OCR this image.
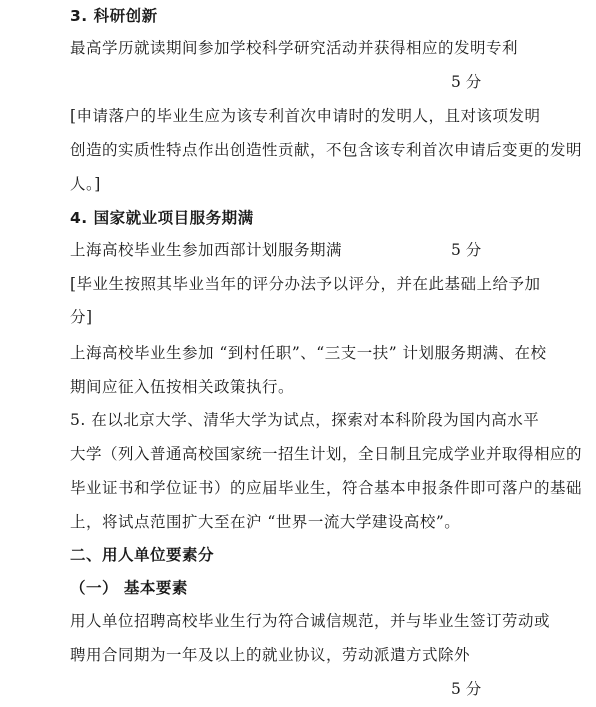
3. 科研创新
最高学历就读期间参加学校科学研究活动并获得相应的发明专利
5 分
[申请落户的毕业生应为该专利首次申请时的发明人，且对该项发明
创造的实质性特点作出创造性贡献，不包含该专利首次申请后变更的发明
人。]
4. 国家就业项目服务期满
上海高校毕业生参加西部计划服务期满	5 分
[毕业生按照其毕业当年的评分办法予以评分，并在此基础上给予加
分]
上海高校毕业生参加 “到村任职”、“三支一扶” 计划服务期满、在校
期间应征入伍按相关政策执行。
5. 在以北京大学、清华大学为试点，探索对本科阶段为国内高水平
大学（列入普通高校国家统一招生计划，全日制且完成学业并取得相应的
毕业证书和学位证书）的应届毕业生，符合基本申报条件即可落户的基础
上，将试点范围扩大至在沪 “世界一流大学建设高校”。
二、用人单位要素分
（一） 基本要素
用人单位招聘高校毕业生行为符合诚信规范，并与毕业生签订劳动或
聘用合同期为一年及以上的就业协议，劳动派遣方式除外
5 分
